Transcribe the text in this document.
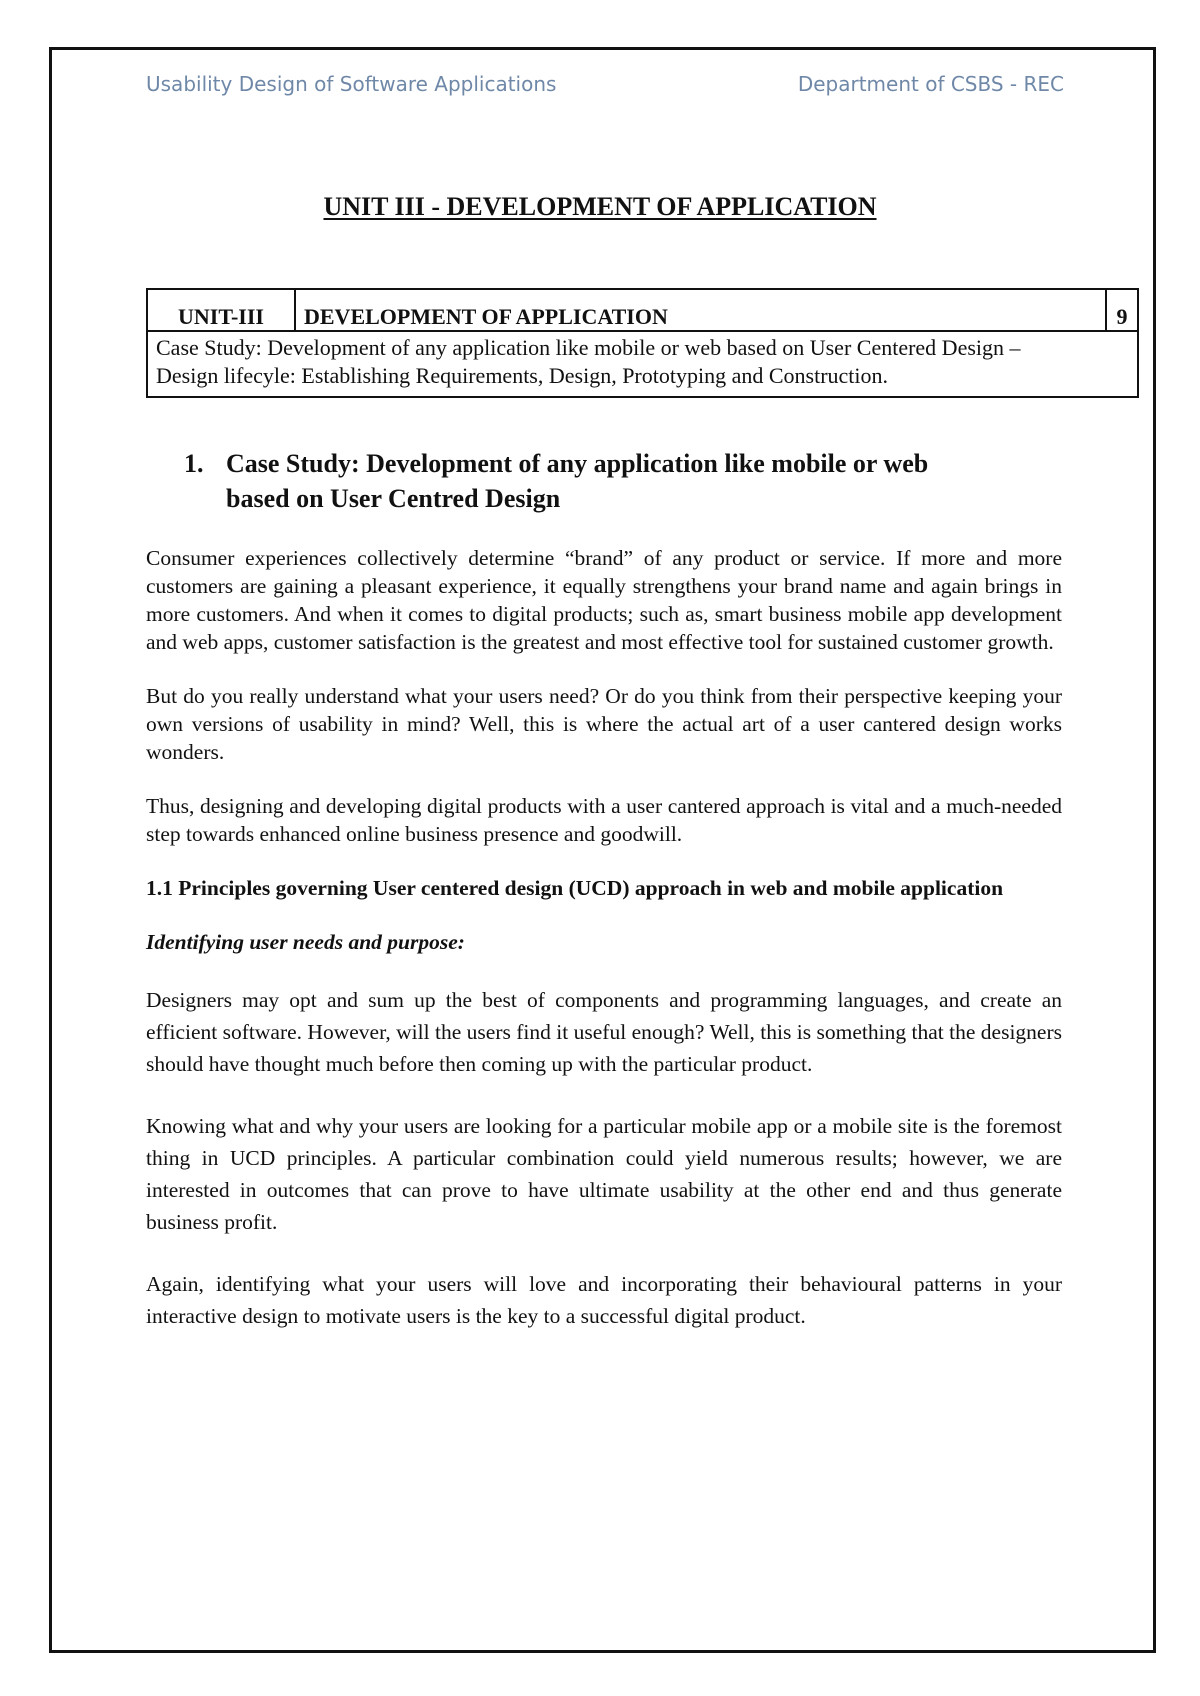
Usability Design of Software Applications	Department of CSBS - REC
UNIT III - DEVELOPMENT OF APPLICATION
UNIT-III	DEVELOPMENT OF APPLICATION	9

Case Study: Development of any application like mobile or web based on User Centered Design –
Design lifecyle: Establishing Requirements, Design, Prototyping and Construction.
1. Case Study: Development of any application like mobile or web based on User Centred Design

Consumer experiences collectively determine “brand” of any product or service. If more and more customers are gaining a pleasant experience, it equally strengthens your brand name and again brings in more customers. And when it comes to digital products; such as, smart business mobile app development and web apps, customer satisfaction is the greatest and most effective tool for sustained customer growth.

But do you really understand what your users need? Or do you think from their perspective keeping your own versions of usability in mind? Well, this is where the actual art of a user cantered design works wonders.

Thus, designing and developing digital products with a user cantered approach is vital and a much-needed step towards enhanced online business presence and goodwill.

1.1 Principles governing User centered design (UCD) approach in web and mobile application

Identifying user needs and purpose:

Designers may opt and sum up the best of components and programming languages, and create an efficient software. However, will the users find it useful enough? Well, this is something that the designers should have thought much before then coming up with the particular product.

Knowing what and why your users are looking for a particular mobile app or a mobile site is the foremost thing in UCD principles. A particular combination could yield numerous results; however, we are interested in outcomes that can prove to have ultimate usability at the other end and thus generate business profit.

Again, identifying what your users will love and incorporating their behavioural patterns in your interactive design to motivate users is the key to a successful digital product.
